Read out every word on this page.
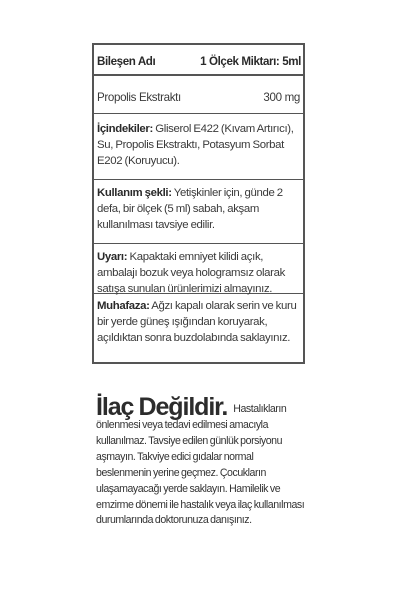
Bileşen Adı	1 Ölçek Miktarı: 5ml
Propolis Ekstraktı	300 mg
İçindekiler: Gliserol E422 (Kıvam Artırıcı), Su, Propolis Ekstraktı, Potasyum Sorbat E202 (Koruyucu).
Kullanım şekli: Yetişkinler için, günde 2 defa, bir ölçek (5 ml) sabah, akşam kullanılması tavsiye edilir.
Uyarı: Kapaktaki emniyet kilidi açık, ambalajı bozuk veya hologramsız olarak satışa sunulan ürünlerimizi almayınız.
Muhafaza: Ağzı kapalı olarak serin ve kuru bir yerde güneş ışığından koruyarak, açıldıktan sonra buzdolabında saklayınız.
İlaç Değildir. Hastalıkların önlenmesi veya tedavi edilmesi amacıyla kullanılmaz. Tavsiye edilen günlük porsiyonu aşmayın. Takviye edici gıdalar normal beslenmenin yerine geçmez. Çocukların ulaşamayacağı yerde saklayın. Hamilelik ve emzirme dönemi ile hastalık veya ilaç kullanılması durumlarında doktorunuza danışınız.
